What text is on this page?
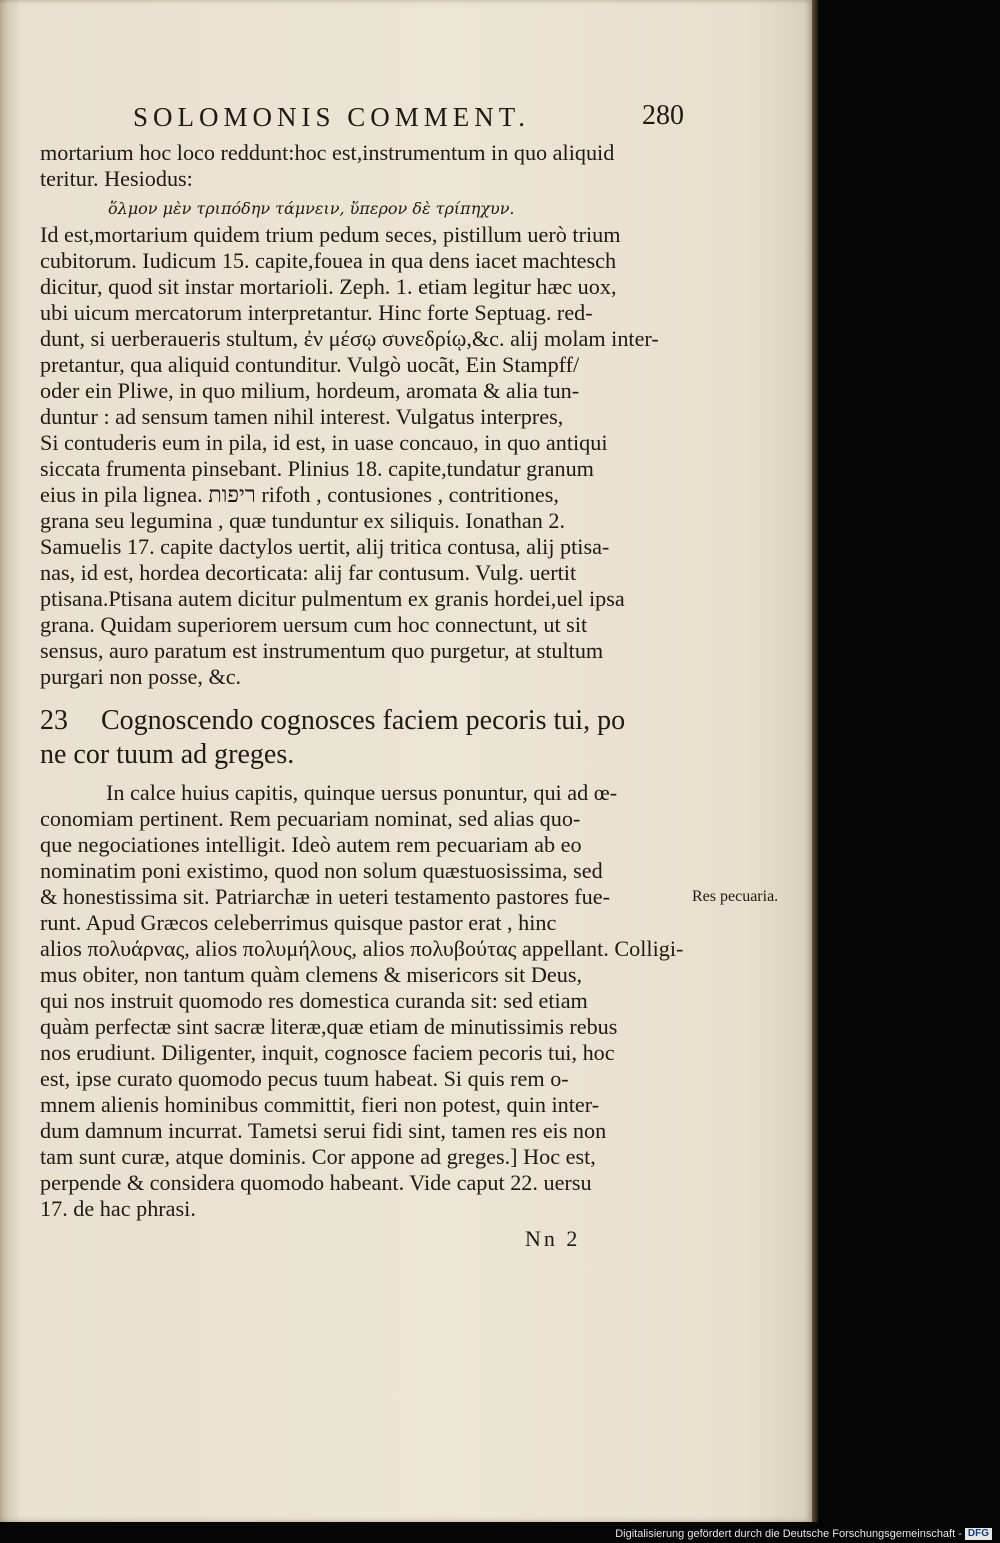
SOLOMONIS COMMENT.	280
mortarium hoc loco reddunt:hoc est,instrumentum in quo aliquid
teritur. Hesiodus:
ὅλμον μὲν τριπόδην τάμνειν, ὕπερον δὲ τρίπηχυν.
Id est,mortarium quidem trium pedum seces, pistillum uerò trium
cubitorum. Iudicum 15. capite,fouea in qua dens iacet machtesch
dicitur, quod sit instar mortarioli. Zeph. 1. etiam legitur hæc uox,
ubi uicum mercatorum interpretantur. Hinc forte Septuag. red-
dunt, si uerberaueris stultum, ἐν μέσῳ συνεδρίῳ,&c. alij molam inter-
pretantur, qua aliquid contunditur. Vulgò uocãt, Ein Stampff/
oder ein Pliwe, in quo milium, hordeum, aromata & alia tun-
duntur : ad sensum tamen nihil interest. Vulgatus interpres,
Si contuderis eum in pila, id est, in uase concauo, in quo antiqui
siccata frumenta pinsebant. Plinius 18. capite,tundatur granum
eius in pila lignea. ריפות rifoth , contusiones , contritiones,
grana seu legumina , quæ tunduntur ex siliquis. Ionathan 2.
Samuelis 17. capite dactylos uertit, alij tritica contusa, alij ptisa-
nas, id est, hordea decorticata: alij far contusum. Vulg. uertit
ptisana.Ptisana autem dicitur pulmentum ex granis hordei,uel ipsa
grana. Quidam superiorem uersum cum hoc connectunt, ut sit
sensus, auro paratum est instrumentum quo purgetur, at stultum
purgari non posse, &c.
23 Cognoscendo cognosces faciem pecoris tui, po
ne cor tuum ad greges.
In calce huius capitis, quinque uersus ponuntur, qui ad œ-
conomiam pertinent. Rem pecuariam nominat, sed alias quo-
que negociationes intelligit. Ideò autem rem pecuariam ab eo
nominatim poni existimo, quod non solum quæstuosissima, sed
& honestissima sit. Patriarchæ in ueteri testamento pastores fue-
runt. Apud Græcos celeberrimus quisque pastor erat , hinc
alios πολυάρνας, alios πολυμήλους, alios πολυβούτας appellant. Colligi-
mus obiter, non tantum quàm clemens & misericors sit Deus,
qui nos instruit quomodo res domestica curanda sit: sed etiam
quàm perfectæ sint sacræ literæ,quæ etiam de minutissimis rebus
nos erudiunt. Diligenter, inquit, cognosce faciem pecoris tui, hoc
est, ipse curato quomodo pecus tuum habeat. Si quis rem o-
mnem alienis hominibus committit, fieri non potest, quin inter-
dum damnum incurrat. Tametsi serui fidi sint, tamen res eis non
tam sunt curæ, atque dominis. Cor appone ad greges.] Hoc est,
perpende & considera quomodo habeant. Vide caput 22. uersu
17. de hac phrasi.
Res pecuaria.
Nn 2
Digitalisierung gefördert durch die Deutsche Forschungsgemeinschaft - DFG
